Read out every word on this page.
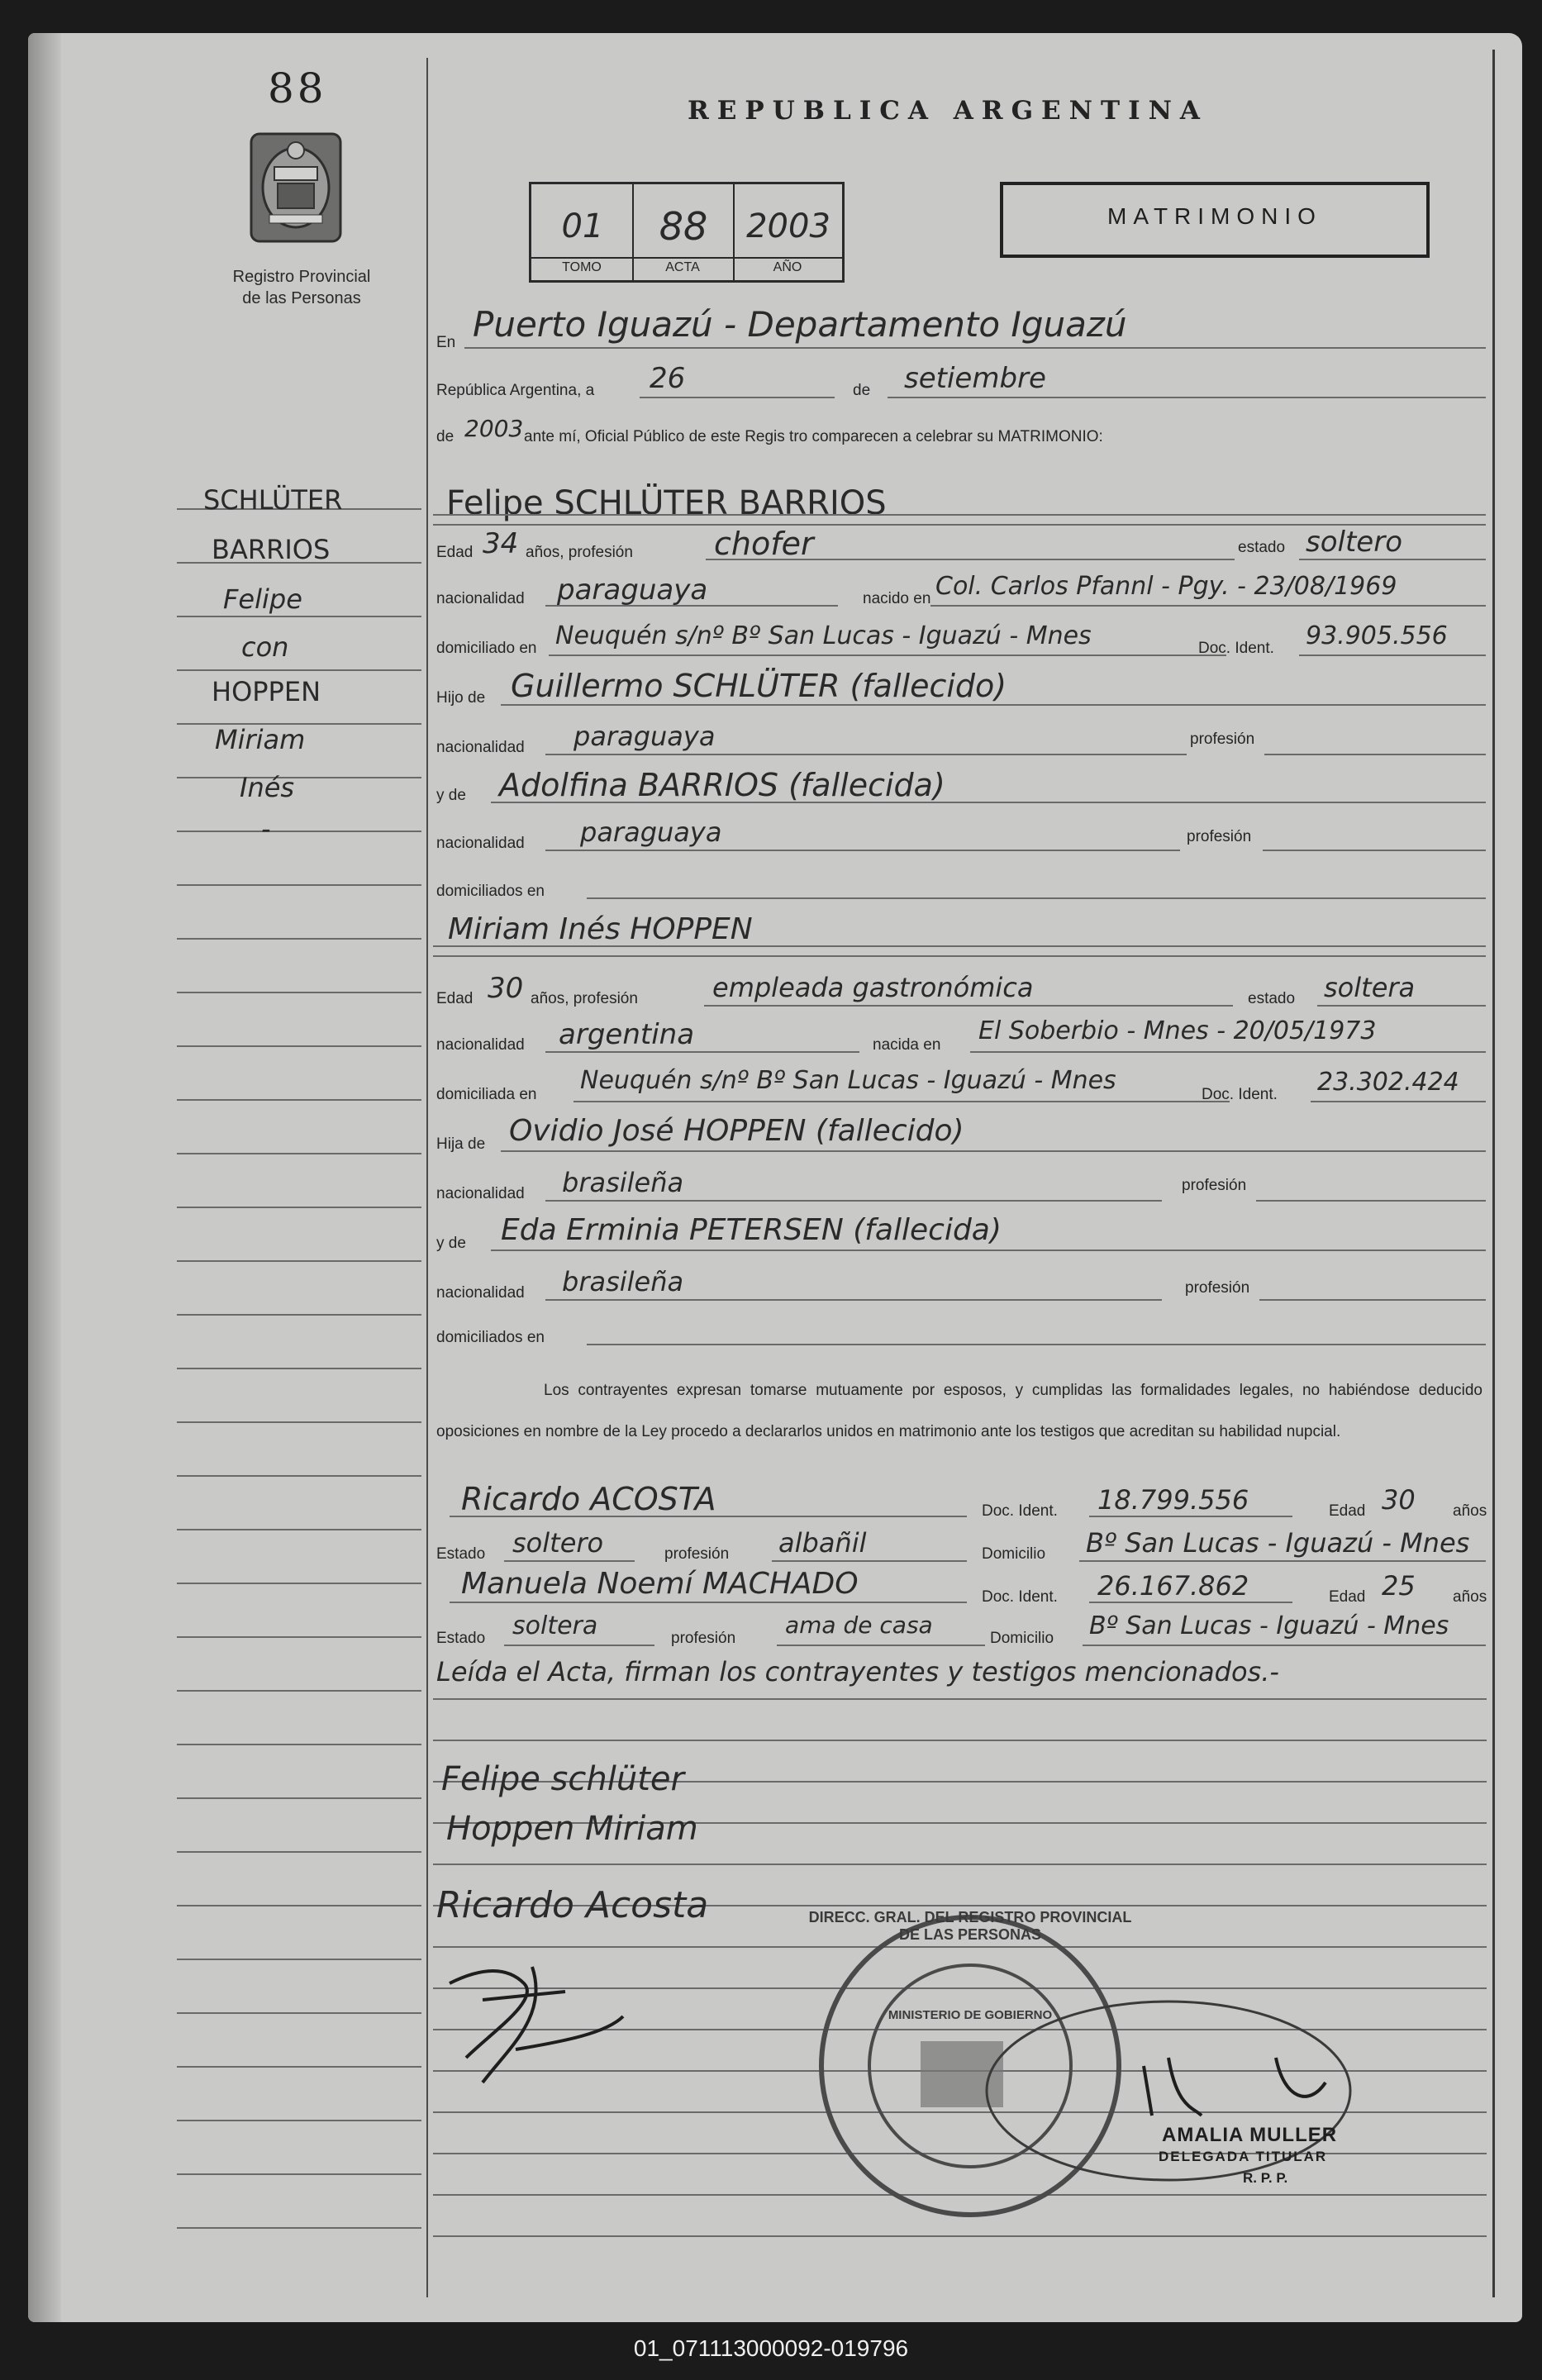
88
Registro Provincial
de las Personas
SCHLÜTER
BARRIOS
Felipe
con
HOPPEN
Miriam
Inés
-
REPUBLICA ARGENTINA
01	88	2003
TOMO	ACTA	AÑO
MATRIMONIO
En Puerto Iguazú - Departamento Iguazú
República Argentina, a 26	de setiembre
de 2003 ante mí, Oficial Público de este Regis tro comparecen a celebrar su MATRIMONIO:
Felipe SCHLÜTER BARRIOS
Edad 34 años, profesión	chofer	estado soltero
nacionalidad paraguaya	nacido en Col. Carlos Pfannl - Pgy. - 23/08/1969
domiciliado en Neuquén s/nº Bº San Lucas - Iguazú - Mnes	Doc. Ident. 93.905.556
Hijo de Guillermo SCHLÜTER (fallecido)
nacionalidad paraguaya	profesión
y de Adolfina BARRIOS (fallecida)
nacionalidad paraguaya	profesión
domiciliados en
Miriam Inés HOPPEN
Edad 30 años, profesión	empleada gastronómica	estado soltera
nacionalidad argentina	nacida en El Soberbio - Mnes - 20/05/1973
domiciliada en Neuquén s/nº Bº San Lucas - Iguazú - Mnes	Doc. Ident. 23.302.424
Hija de Ovidio José HOPPEN (fallecido)
nacionalidad brasileña	profesión
y de Eda Erminia PETERSEN (fallecida)
nacionalidad brasileña	profesión
domiciliados en
Los contrayentes expresan tomarse mutuamente por esposos, y cumplidas las formalidades legales, no habiéndose deducido oposiciones en nombre de la Ley procedo a declararlos unidos en matrimonio ante los testigos que acreditan su habilidad nupcial.
Ricardo ACOSTA	Doc. Ident. 18.799.556	Edad 30 años
Estado soltero	profesión albañil	Domicilio Bº San Lucas - Iguazú - Mnes
Manuela Noemí MACHADO	Doc. Ident. 26.167.862	Edad 25 años
Estado soltera	profesión ama de casa	Domicilio Bº San Lucas - Iguazú - Mnes
Leída el Acta, firman los contrayentes y testigos mencionados.-
Felipe schlüter
Hoppen Miriam
Ricardo Acosta	DIRECC. GRAL. DEL REGISTRO PROVINCIAL DE LAS PERSONAS
MINISTERIO DE GOBIERNO
AMALIA MULLER
DELEGADA TITULAR
R. P. P.
01_071113000092-019796
